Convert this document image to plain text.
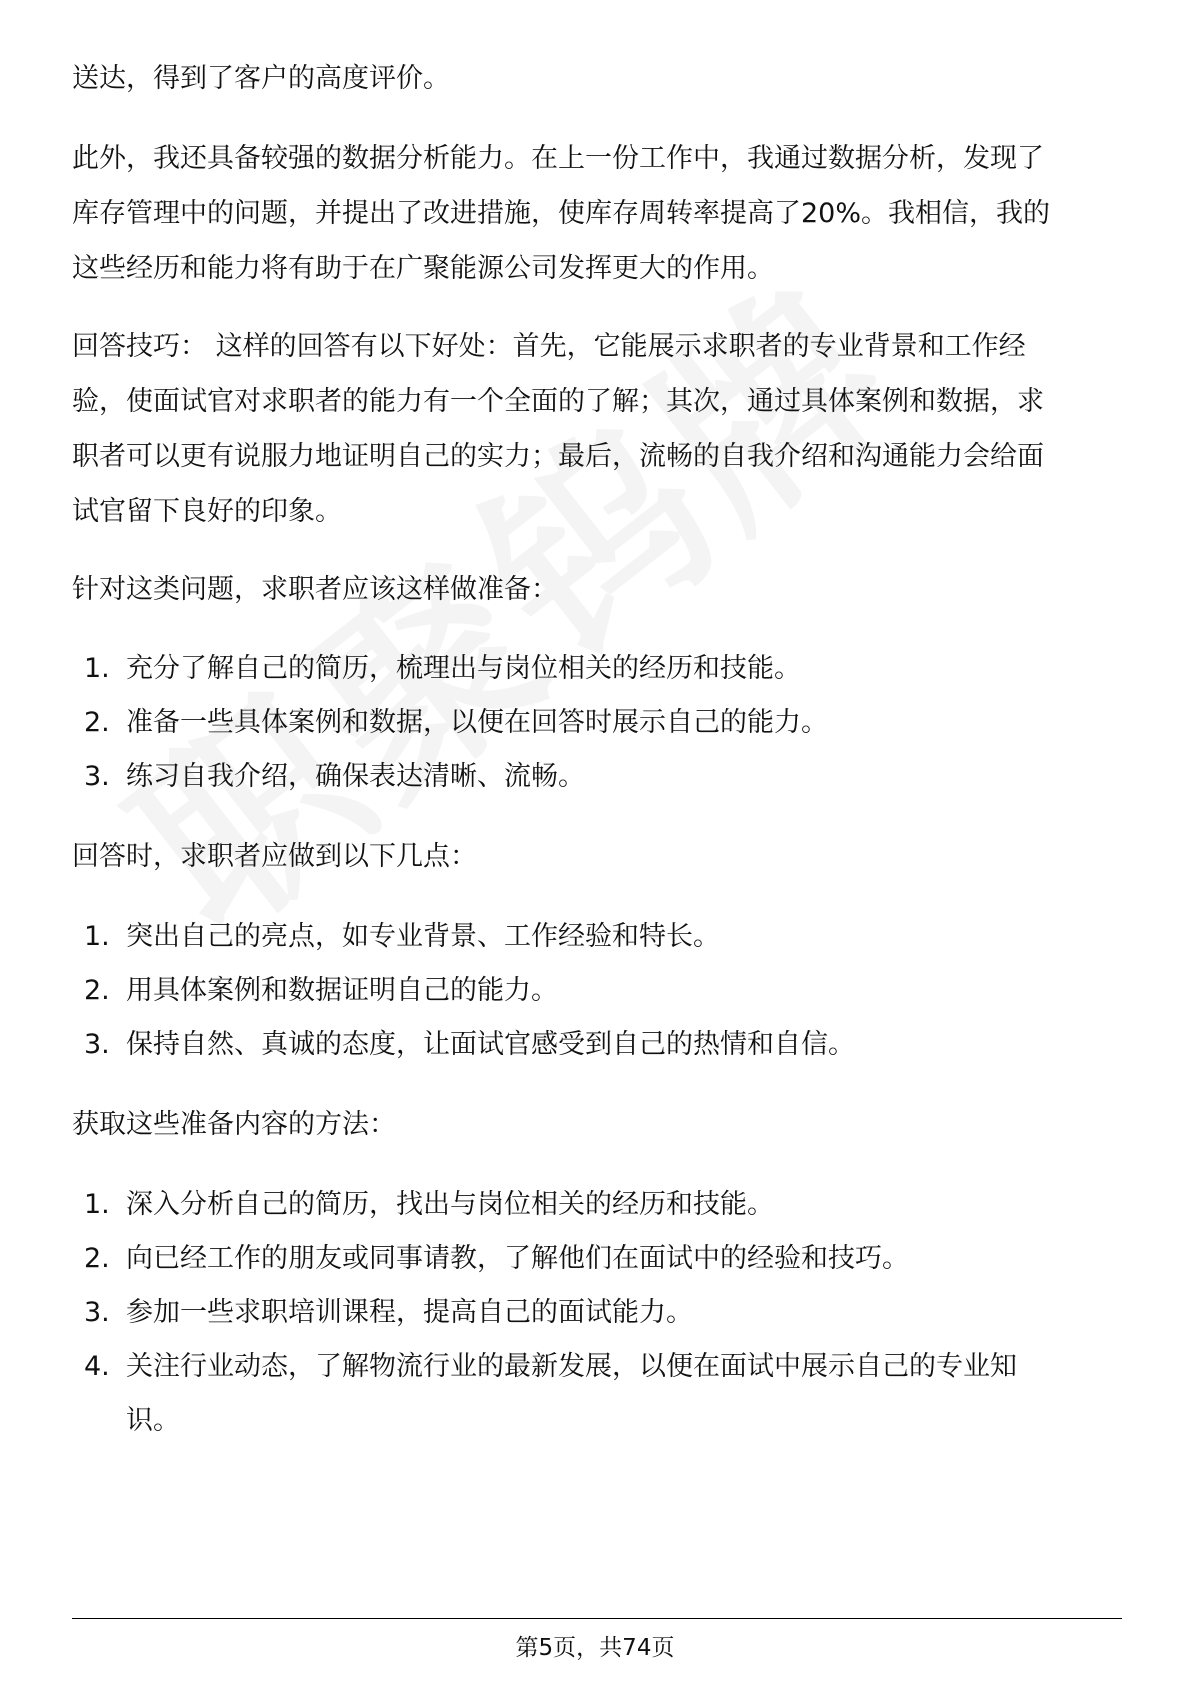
送达，得到了客户的高度评价。
此外，我还具备较强的数据分析能力。在上一份工作中，我通过数据分析，发现了
库存管理中的问题，并提出了改进措施，使库存周转率提高了20%。我相信，我的
这些经历和能力将有助于在广聚能源公司发挥更大的作用。
回答技巧： 这样的回答有以下好处：首先，它能展示求职者的专业背景和工作经
验，使面试官对求职者的能力有一个全面的了解；其次，通过具体案例和数据，求
职者可以更有说服力地证明自己的实力；最后，流畅的自我介绍和沟通能力会给面
试官留下良好的印象。
针对这类问题，求职者应该这样做准备：
1. 充分了解自己的简历，梳理出与岗位相关的经历和技能。
2. 准备一些具体案例和数据，以便在回答时展示自己的能力。
3. 练习自我介绍，确保表达清晰、流畅。
回答时，求职者应做到以下几点：
1. 突出自己的亮点，如专业背景、工作经验和特长。
2. 用具体案例和数据证明自己的能力。
3. 保持自然、真诚的态度，让面试官感受到自己的热情和自信。
获取这些准备内容的方法：
1. 深入分析自己的简历，找出与岗位相关的经历和技能。
2. 向已经工作的朋友或同事请教，了解他们在面试中的经验和技巧。
3. 参加一些求职培训课程，提高自己的面试能力。
4. 关注行业动态，了解物流行业的最新发展，以便在面试中展示自己的专业知
识。
第5页，共74页
